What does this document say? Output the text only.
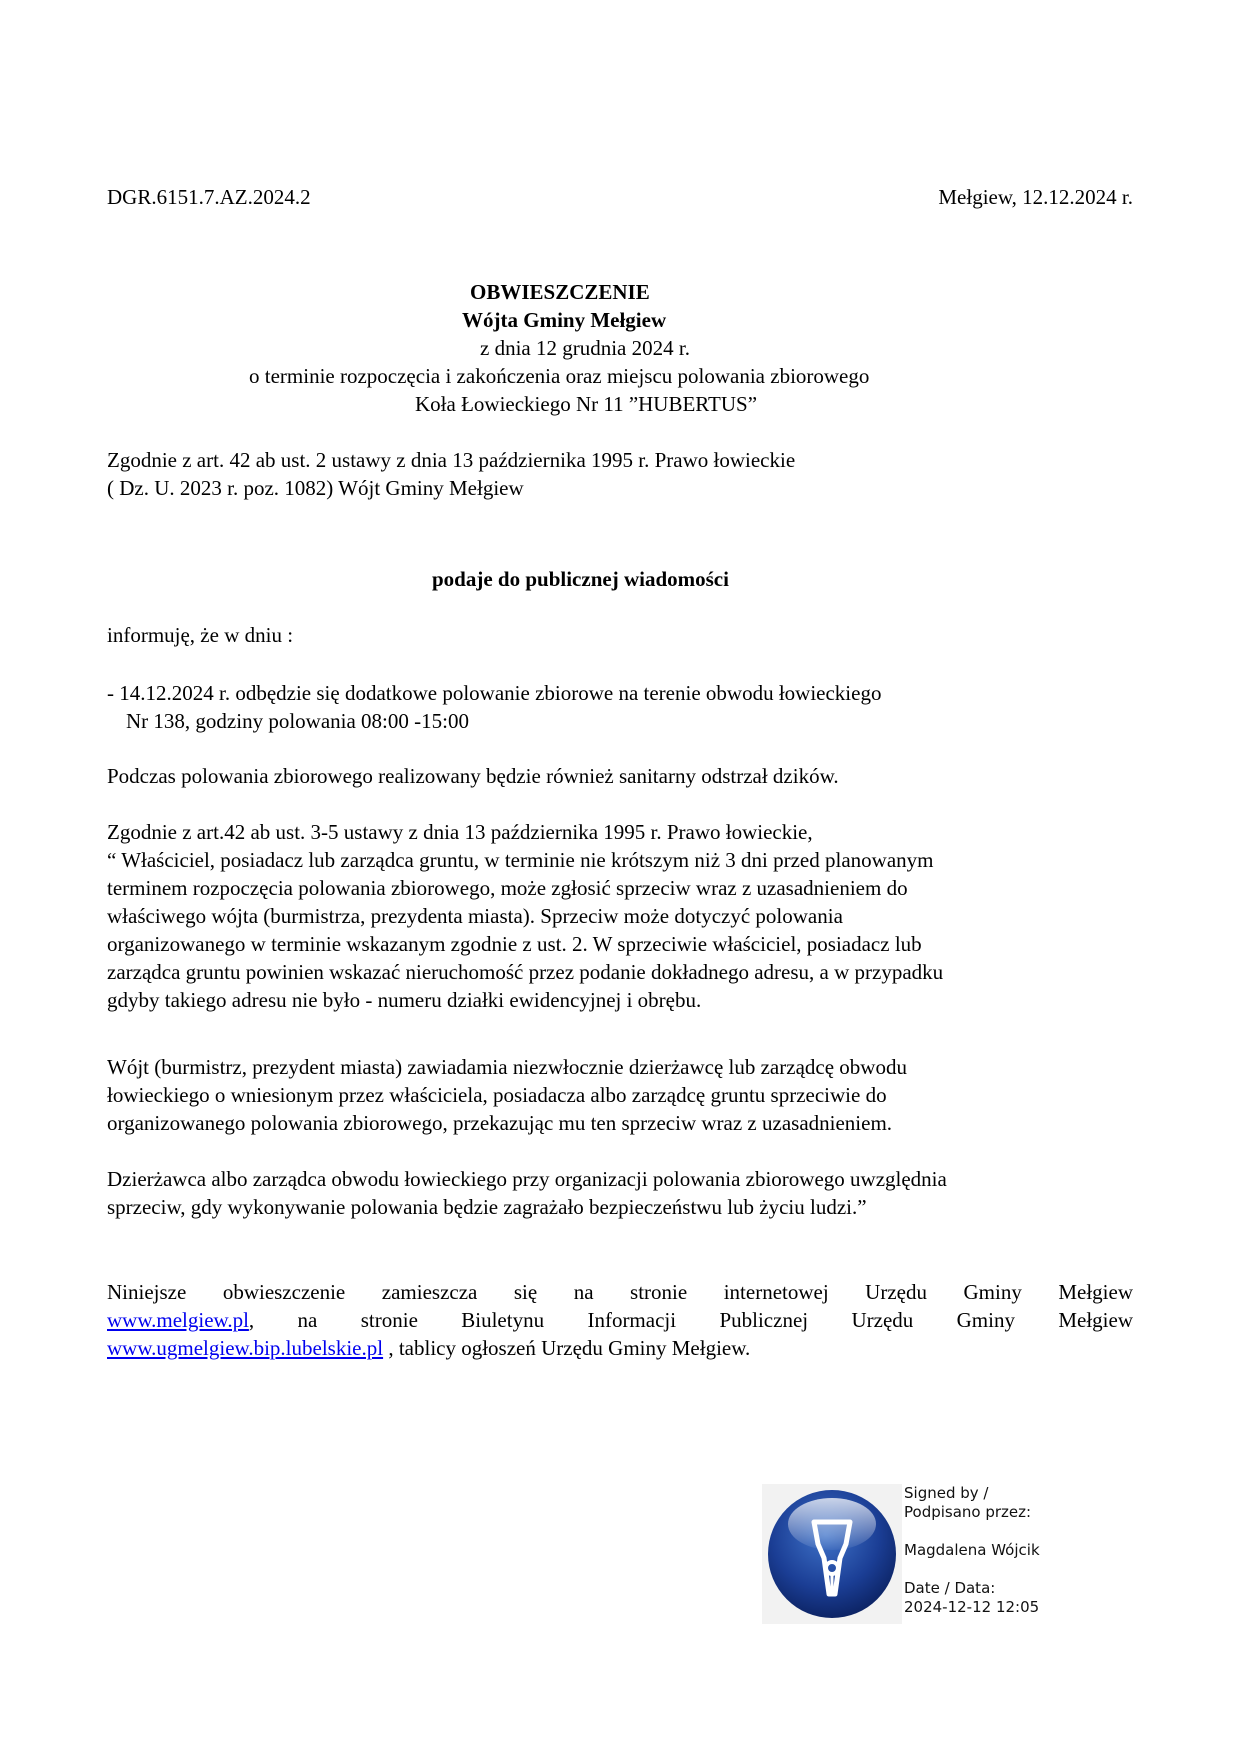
DGR.6151.7.AZ.2024.2	Mełgiew, 12.12.2024 r.
OBWIESZCZENIE
Wójta Gminy Mełgiew
z dnia 12 grudnia 2024 r.
o terminie rozpoczęcia i zakończenia oraz miejscu polowania zbiorowego
Koła Łowieckiego Nr 11 ”HUBERTUS”
Zgodnie z art. 42 ab ust. 2 ustawy z dnia 13 października 1995 r. Prawo łowieckie
( Dz. U. 2023 r. poz. 1082) Wójt Gminy Mełgiew
podaje do publicznej wiadomości
informuję, że w dniu :
- 14.12.2024 r. odbędzie się dodatkowe polowanie zbiorowe na terenie obwodu łowieckiego
Nr 138, godziny polowania 08:00 -15:00
Podczas polowania zbiorowego realizowany będzie również sanitarny odstrzał dzików.
Zgodnie z art.42 ab ust. 3-5 ustawy z dnia 13 października 1995 r. Prawo łowieckie,
“ Właściciel, posiadacz lub zarządca gruntu, w terminie nie krótszym niż 3 dni przed planowanym
terminem rozpoczęcia polowania zbiorowego, może zgłosić sprzeciw wraz z uzasadnieniem do
właściwego wójta (burmistrza, prezydenta miasta). Sprzeciw może dotyczyć polowania
organizowanego w terminie wskazanym zgodnie z ust. 2. W sprzeciwie właściciel, posiadacz lub
zarządca gruntu powinien wskazać nieruchomość przez podanie dokładnego adresu, a w przypadku
gdyby takiego adresu nie było - numeru działki ewidencyjnej i obrębu.
Wójt (burmistrz, prezydent miasta) zawiadamia niezwłocznie dzierżawcę lub zarządcę obwodu
łowieckiego o wniesionym przez właściciela, posiadacza albo zarządcę gruntu sprzeciwie do
organizowanego polowania zbiorowego, przekazując mu ten sprzeciw wraz z uzasadnieniem.
Dzierżawca albo zarządca obwodu łowieckiego przy organizacji polowania zbiorowego uwzględnia
sprzeciw, gdy wykonywanie polowania będzie zagrażało bezpieczeństwu lub życiu ludzi.”
Niniejsze obwieszczenie zamieszcza się na stronie internetowej Urzędu Gminy Mełgiew
www.melgiew.pl, na stronie Biuletynu Informacji Publicznej Urzędu Gminy Mełgiew
www.ugmelgiew.bip.lubelskie.pl , tablicy ogłoszeń Urzędu Gminy Mełgiew.
Signed by /
Podpisano przez:
Magdalena Wójcik
Date / Data:
2024-12-12 12:05
